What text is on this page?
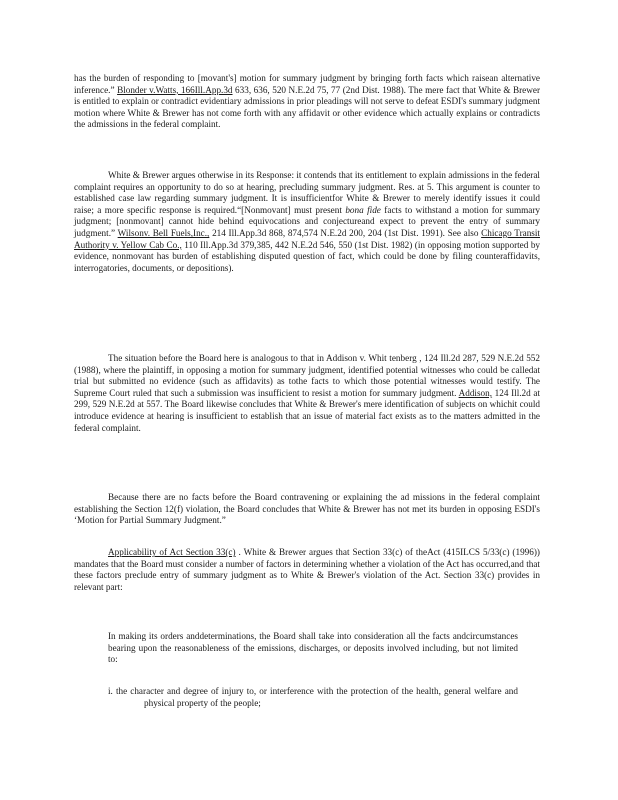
has the burden of responding to [movant's] motion for summary judgment by bringing forth facts which raisean alternative inference.” Blonder v.Watts, 166Ill.App.3d 633, 636, 520 N.E.2d 75, 77 (2nd Dist. 1988). The mere fact that White & Brewer is entitled to explain or contradict evidentiary admissions in prior pleadings will not serve to defeat ESDI's summary judgment motion where White & Brewer has not come forth with any affidavit or other evidence which actually explains or contradicts the admissions in the federal complaint.

White & Brewer argues otherwise in its Response: it contends that its entitlement to explain admissions in the federal complaint requires an opportunity to do so at hearing, precluding summary judgment. Res. at 5. This argument is counter to established case law regarding summary judgment. It is insufficientfor White & Brewer to merely identify issues it could raise; a more specific response is required.“[Nonmovant] must present bona fide facts to withstand a motion for summary judgment; [nonmovant] cannot hide behind equivocations and conjectureand expect to prevent the entry of summary judgment.” Wilsonv. Bell Fuels,Inc., 214 Ill.App.3d 868, 874,574 N.E.2d 200, 204 (1st Dist. 1991). See also Chicago Transit Authority v. Yellow Cab Co., 110 Ill.App.3d 379,385, 442 N.E.2d 546, 550 (1st Dist. 1982) (in opposing motion supported by evidence, nonmovant has burden of establishing disputed question of fact, which could be done by filing counteraffidavits, interrogatories, documents, or depositions).

The situation before the Board here is analogous to that in Addison v. Whit tenberg , 124 Ill.2d 287, 529 N.E.2d 552 (1988), where the plaintiff, in opposing a motion for summary judgment, identified potential witnesses who could be calledat trial but submitted no evidence (such as affidavits) as tothe facts to which those potential witnesses would testify. The Supreme Court ruled that such a submission was insufficient to resist a motion for summary judgment. Addison, 124 Ill.2d at 299, 529 N.E.2d at 557. The Board likewise concludes that White & Brewer's mere identification of subjects on whichit could introduce evidence at hearing is insufficient to establish that an issue of material fact exists as to the matters admitted in the federal complaint.

Because there are no facts before the Board contravening or explaining the ad missions in the federal complaint establishing the Section 12(f) violation, the Board concludes that White & Brewer has not met its burden in opposing ESDI's ‘Motion for Partial Summary Judgment.”

Applicability of Act Section 33(c) . White & Brewer argues that Section 33(c) of theAct (415ILCS 5/33(c) (1996)) mandates that the Board must consider a number of factors in determining whether a violation of the Act has occurred,and that these factors preclude entry of summary judgment as to White & Brewer's violation of the Act. Section 33(c) provides in relevant part:

In making its orders anddeterminations, the Board shall take into consideration all the facts andcircumstances bearing upon the reasonableness of the emissions, discharges, or deposits involved including, but not limited to:

i. the character and degree of injury to, or interference with the protection of the health, general welfare and physical property of the people;
